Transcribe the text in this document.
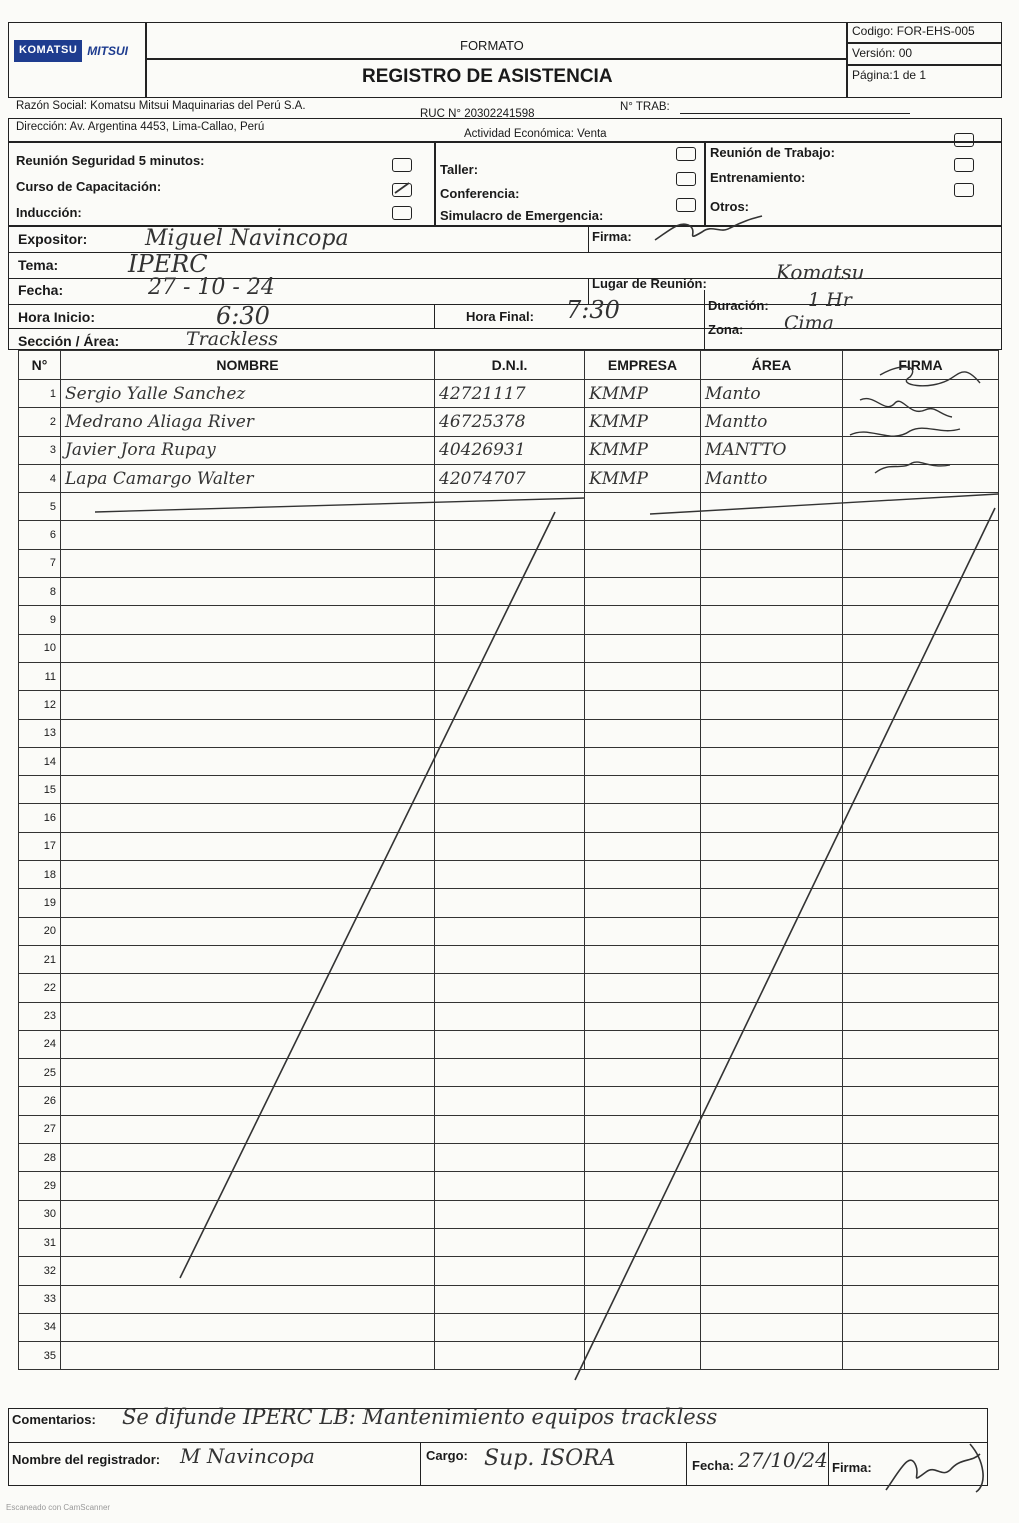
KOMATSU MITSUI	FORMATO
REGISTRO DE ASISTENCIA
Codigo: FOR-EHS-005
Versión: 00
Página:1 de 1
Razón Social: Komatsu Mitsui Maquinarias del Perú S.A.
RUC N° 20302241598
N° TRAB:
Dirección: Av. Argentina 4453, Lima-Callao, Perú
Actividad Económica: Venta
Reunión Seguridad 5 minutos:
Curso de Capacitación:
Inducción:
Taller:
Conferencia:
Simulacro de Emergencia:
Reunión de Trabajo:
Entrenamiento:
Otros:
Expositor:	Miguel Navincopa	Firma:
Tema:	IPERC
Fecha:	27 - 10 - 24	Lugar de Reunión:	Komatsu
Hora Inicio:	6:30	Hora Final: 7:30	Duración: 1 Hr
Zona: Cima
Sección / Área:	Trackless
N°	NOMBRE	D.N.I.	EMPRESA	ÁREA	FIRMA
1	Sergio Yalle Sanchez	42721117	KMMP	Manto	
2	Medrano Aliaga River	46725378	KMMP	Mantto	
3	Javier Jora Rupay	40426931	KMMP	MANTTO	
4	Lapa Camargo Walter	42074707	KMMP	Mantto	
5					
6					
7					
8					
9					
10					
11					
12					
13					
14					
15					
16					
17					
18					
19					
20					
21					
22					
23					
24					
25					
26					
27					
28					
29					
30					
31					
32					
33					
34					
35					
Comentarios: Se difunde IPERC LB: Mantenimiento equipos trackless
Nombre del registrador: M Navincopa	Cargo: Sup. ISORA	Fecha: 27/10/24 Firma:
Escaneado con CamScanner
